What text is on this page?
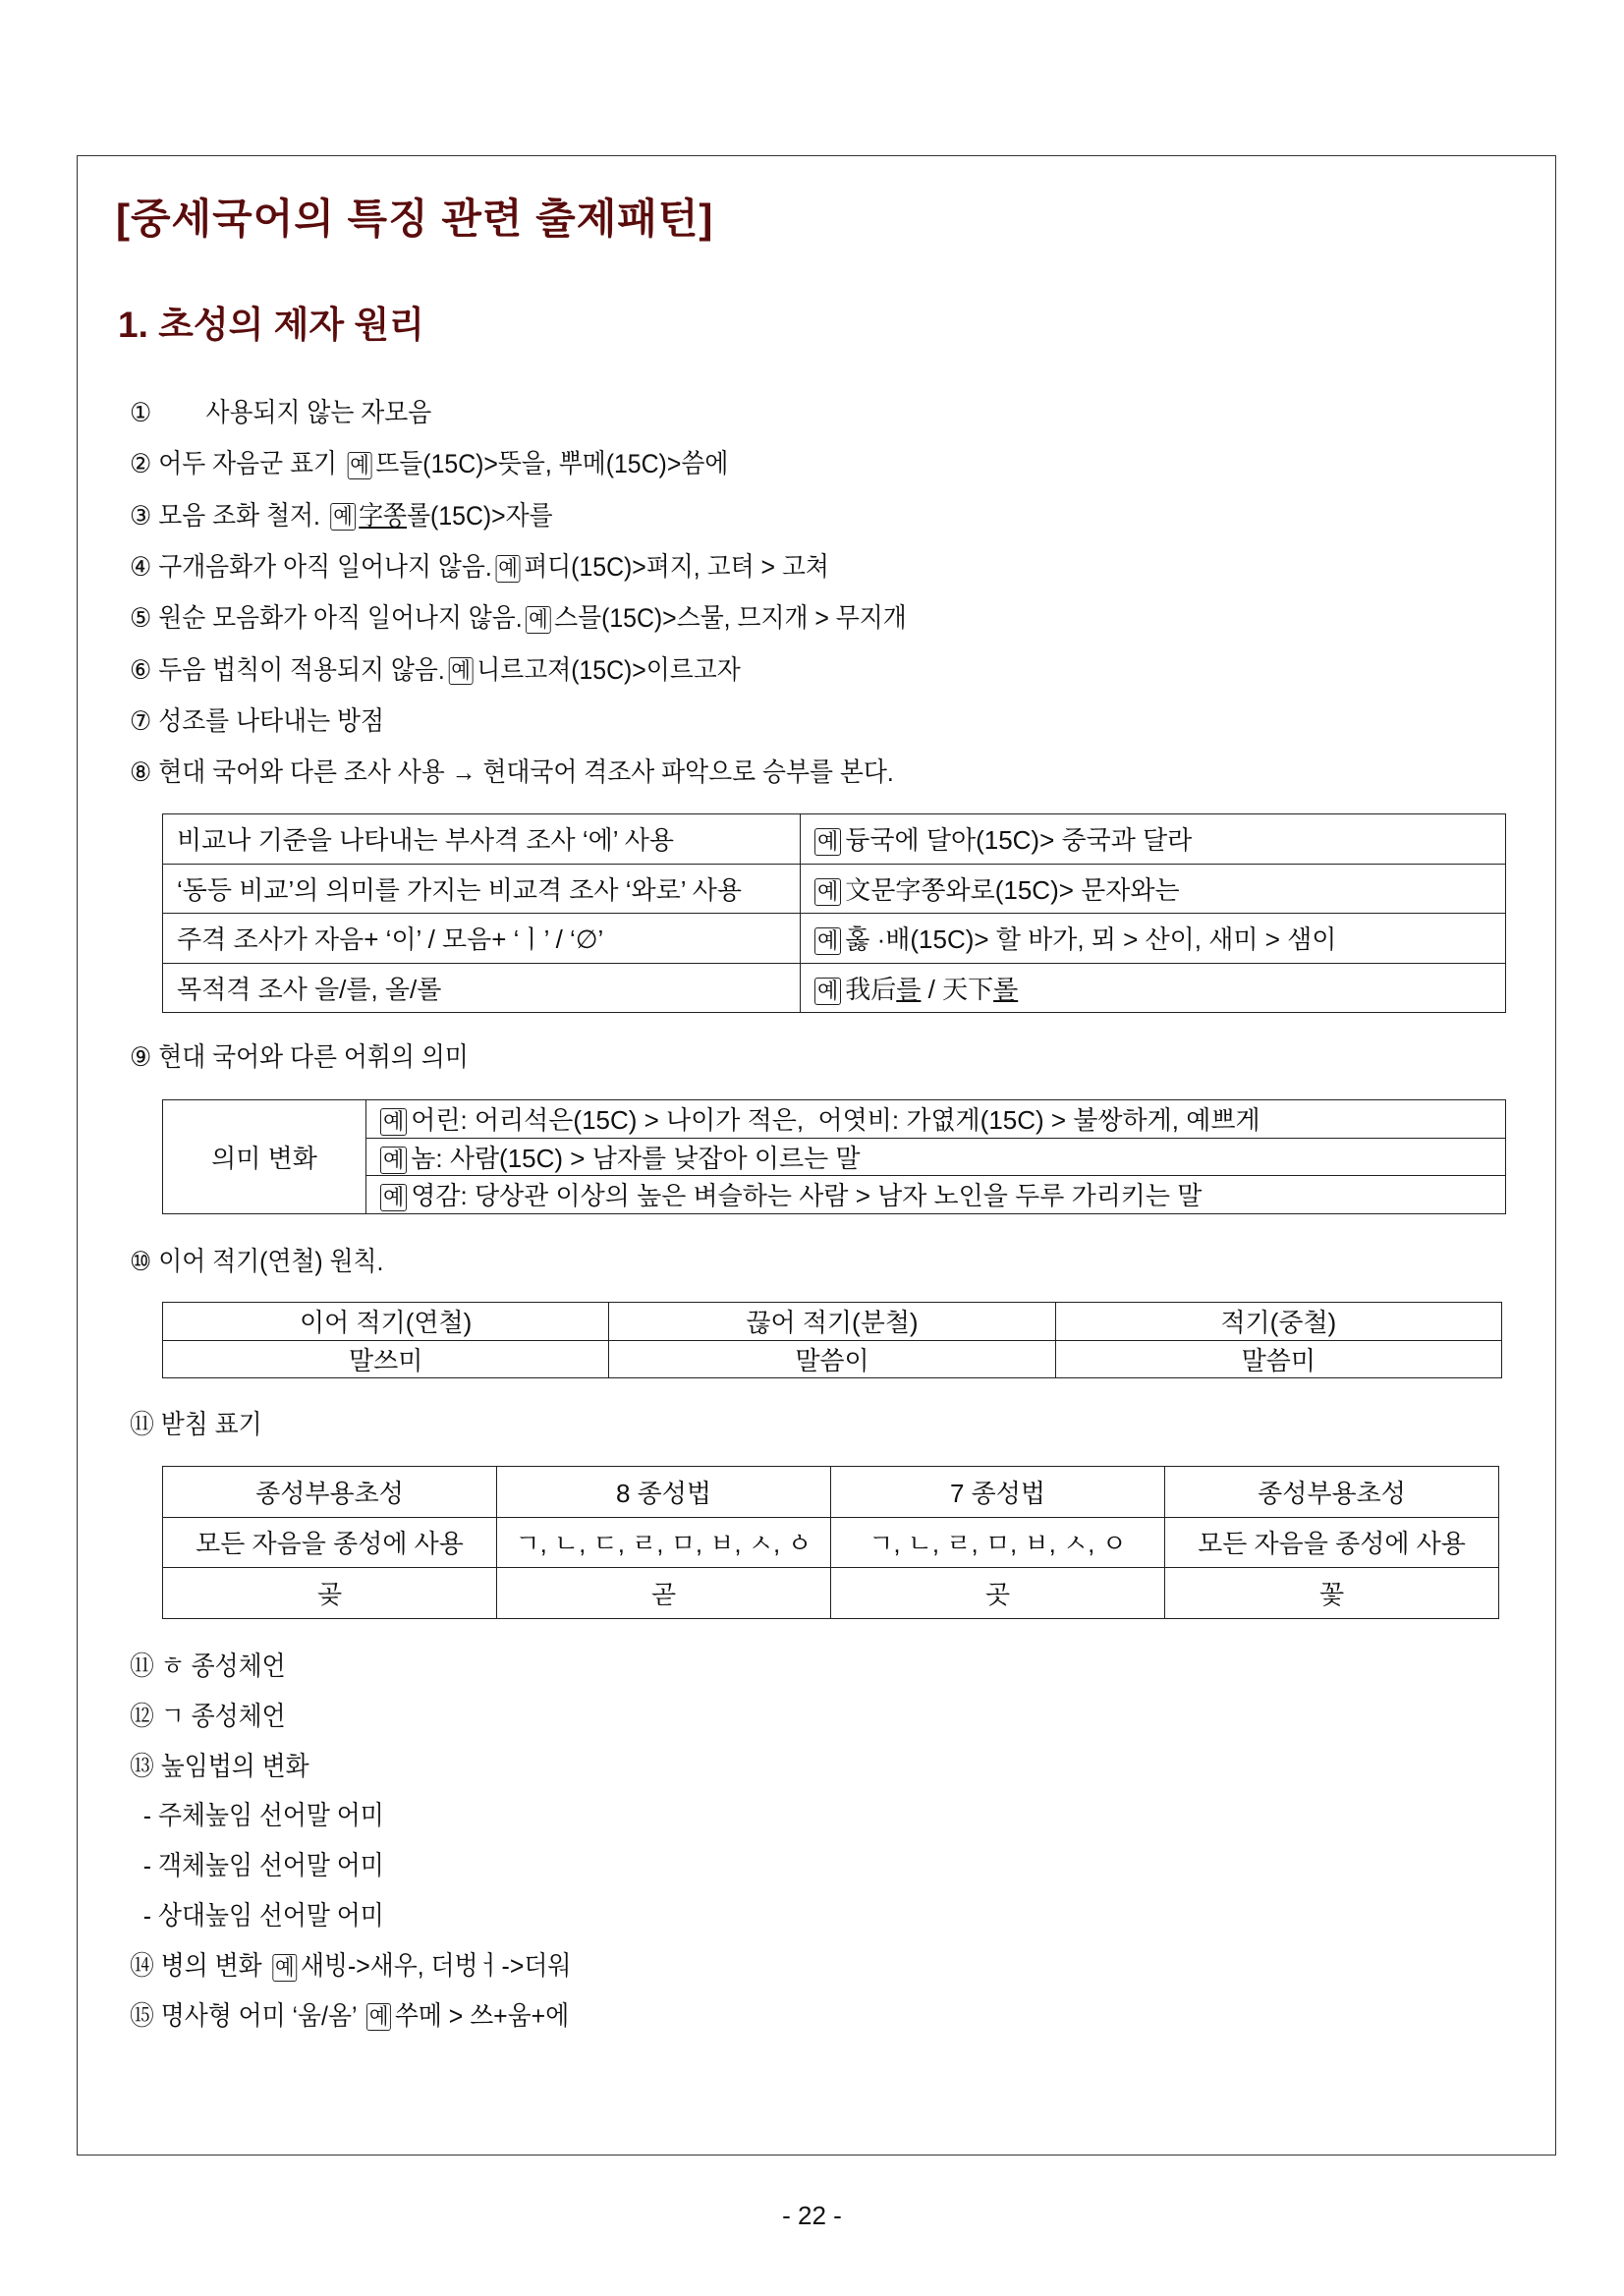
[중세국어의 특징 관련 출제패턴]
1. 초성의 제자 원리
①        사용되지 않는 자모음
② 어두 자음군 표기 예 뜨들(15C)>뜻을, 뿌메(15C)>씀에
③ 모음 조화 철저. 예 字쫑롤(15C)>자를
④ 구개음화가 아직 일어나지 않음. 예 펴디(15C)>펴지, 고텨 > 고쳐
⑤ 원순 모음화가 아직 일어나지 않음. 예 스믈(15C)>스물, 므지개 > 무지개
⑥ 두음 법칙이 적용되지 않음. 예 니르고져(15C)>이르고자
⑦ 성조를 나타내는 방점
⑧ 현대 국어와 다른 조사 사용 → 현대국어 격조사 파악으로 승부를 본다.
비교나 기준을 나타내는 부사격 조사 ‘에’ 사용	예 듕국에 달아(15C)> 중국과 달라
‘동등 비교’의 의미를 가지는 비교격 조사 ‘와로’ 사용	예 文문字쫑와로(15C)> 문자와는
주격 조사가 자음+ ‘이’ / 모음+ ‘ㅣ’ / ‘∅’	예 홇 ·배(15C)> 할 바가, 뫼 > 산이, 새미 > 샘이
목적격 조사 을/를, 올/롤	예 我后를 / 天下롤
⑨ 현대 국어와 다른 어휘의 의미
의미 변화	예 어린: 어리석은(15C) > 나이가 적은,  어엿비: 가엾게(15C) > 불쌍하게, 예쁘게
예 놈: 사람(15C) > 남자를 낮잡아 이르는 말
예 영감: 당상관 이상의 높은 벼슬하는 사람 > 남자 노인을 두루 가리키는 말
⑩ 이어 적기(연철) 원칙.
이어 적기(연철)	끊어 적기(분철)	적기(중철)
말쓰미	말씀이	말씀미
⑪ 받침 표기
종성부용초성	8 종성법	7 종성법	종성부용초성
모든 자음을 종성에 사용	ㄱ, ㄴ, ㄷ, ㄹ, ㅁ, ㅂ, ㅅ, ㆁ	ㄱ, ㄴ, ㄹ, ㅁ, ㅂ, ㅅ, ㅇ	모든 자음을 종성에 사용
곶	곧	곳	꽃
⑪ ㅎ 종성체언
⑫ ㄱ 종성체언
⑬ 높임법의 변화
- 주체높임 선어말 어미
- 객체높임 선어말 어미
- 상대높임 선어말 어미
⑭ 병의 변화 예 새빙->새우, 더벙ㅓ->더워
⑮ 명사형 어미 ‘움/옴’ 예 쑤메 > 쓰+움+에
- 22 -
